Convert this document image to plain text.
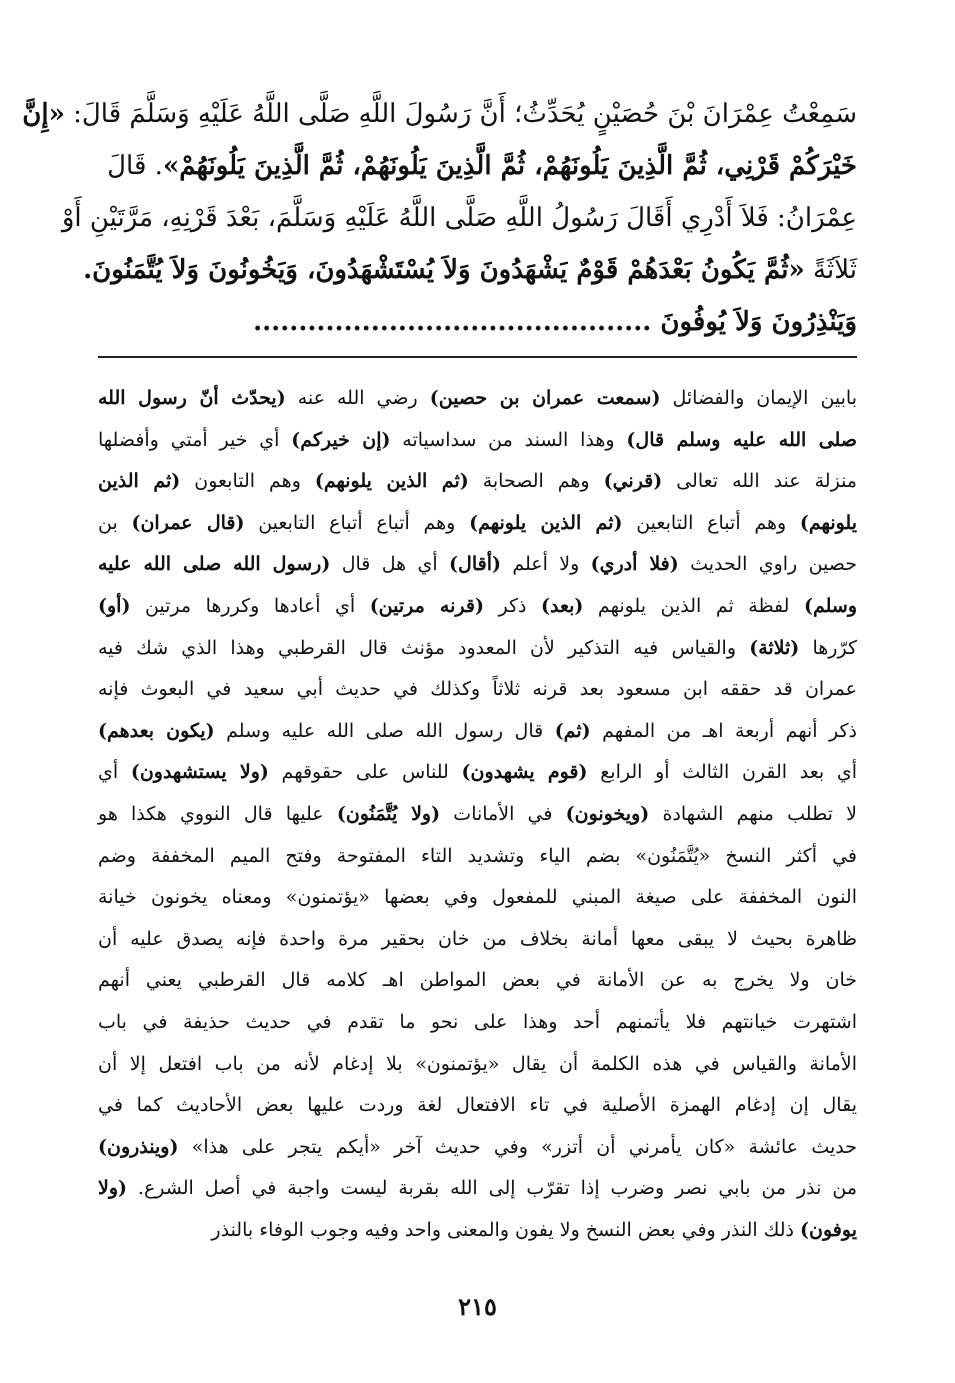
سَمِعْتُ عِمْرَانَ بْنَ حُصَيْنٍ يُحَدِّثُ؛ أَنَّ رَسُولَ اللَّهِ صَلَّى اللَّهُ عَلَيْهِ وَسَلَّمَ قَالَ: «إِنَّ
خَيْرَكُمْ قَرْنِي، ثُمَّ الَّذِينَ يَلُونَهُمْ، ثُمَّ الَّذِينَ يَلُونَهُمْ، ثُمَّ الَّذِينَ يَلُونَهُمْ». قَالَ
عِمْرَانُ: فَلاَ أَدْرِي أَقَالَ رَسُولُ اللَّهِ صَلَّى اللَّهُ عَلَيْهِ وَسَلَّمَ، بَعْدَ قَرْنِهِ، مَرَّتَيْنِ أَوْ
ثَلاَثَةً «ثُمَّ يَكُونُ بَعْدَهُمْ قَوْمٌ يَشْهَدُونَ وَلاَ يُسْتَشْهَدُونَ، وَيَخُونُونَ وَلاَ يُتَّمَنُونَ.
وَيَنْذِرُونَ وَلاَ يُوفُونَ ............................................
بابين الإيمان والفضائل (سمعت عمران بن حصين) رضي الله عنه (يحدّث أنّ رسول الله
صلى الله عليه وسلم قال) وهذا السند من سداسياته (إن خيركم) أي خير أمتي وأفضلها
منزلة عند الله تعالى (قرني) وهم الصحابة (ثم الذين يلونهم) وهم التابعون (ثم الذين
يلونهم) وهم أتباع التابعين (ثم الذين يلونهم) وهم أتباع أتباع التابعين (قال عمران) بن
حصين راوي الحديث (فلا أدري) ولا أعلم (أقال) أي هل قال (رسول الله صلى الله عليه
وسلم) لفظة ثم الذين يلونهم (بعد) ذكر (قرنه مرتين) أي أعادها وكررها مرتين (أو)
كرّرها (ثلاثة) والقياس فيه التذكير لأن المعدود مؤنث قال القرطبي وهذا الذي شك فيه
عمران قد حققه ابن مسعود بعد قرنه ثلاثاً وكذلك في حديث أبي سعيد في البعوث فإنه
ذكر أنهم أربعة اهـ من المفهم (ثم) قال رسول الله صلى الله عليه وسلم (يكون بعدهم)
أي بعد القرن الثالث أو الرابع (قوم يشهدون) للناس على حقوقهم (ولا يستشهدون) أي
لا تطلب منهم الشهادة (ويخونون) في الأمانات (ولا يُتَّمَنُون) عليها قال النووي هكذا هو
في أكثر النسخ «يُتَّمَنُون» بضم الياء وتشديد التاء المفتوحة وفتح الميم المخففة وضم
النون المخففة على صيغة المبني للمفعول وفي بعضها «يؤتمنون» ومعناه يخونون خيانة
ظاهرة بحيث لا يبقى معها أمانة بخلاف من خان بحقير مرة واحدة فإنه يصدق عليه أن
خان ولا يخرج به عن الأمانة في بعض المواطن اهـ كلامه قال القرطبي يعني أنهم
اشتهرت خيانتهم فلا يأتمنهم أحد وهذا على نحو ما تقدم في حديث حذيفة في باب
الأمانة والقياس في هذه الكلمة أن يقال «يؤتمنون» بلا إدغام لأنه من باب افتعل إلا أن
يقال إن إدغام الهمزة الأصلية في تاء الافتعال لغة وردت عليها بعض الأحاديث كما في
حديث عائشة «كان يأمرني أن أتزر» وفي حديث آخر «أيكم يتجر على هذا» (وينذرون)
من نذر من بابي نصر وضرب إذا تقرّب إلى الله بقربة ليست واجبة في أصل الشرع. (ولا
يوفون) ذلك النذر وفي بعض النسخ ولا يفون والمعنى واحد وفيه وجوب الوفاء بالنذر
٢١٥
